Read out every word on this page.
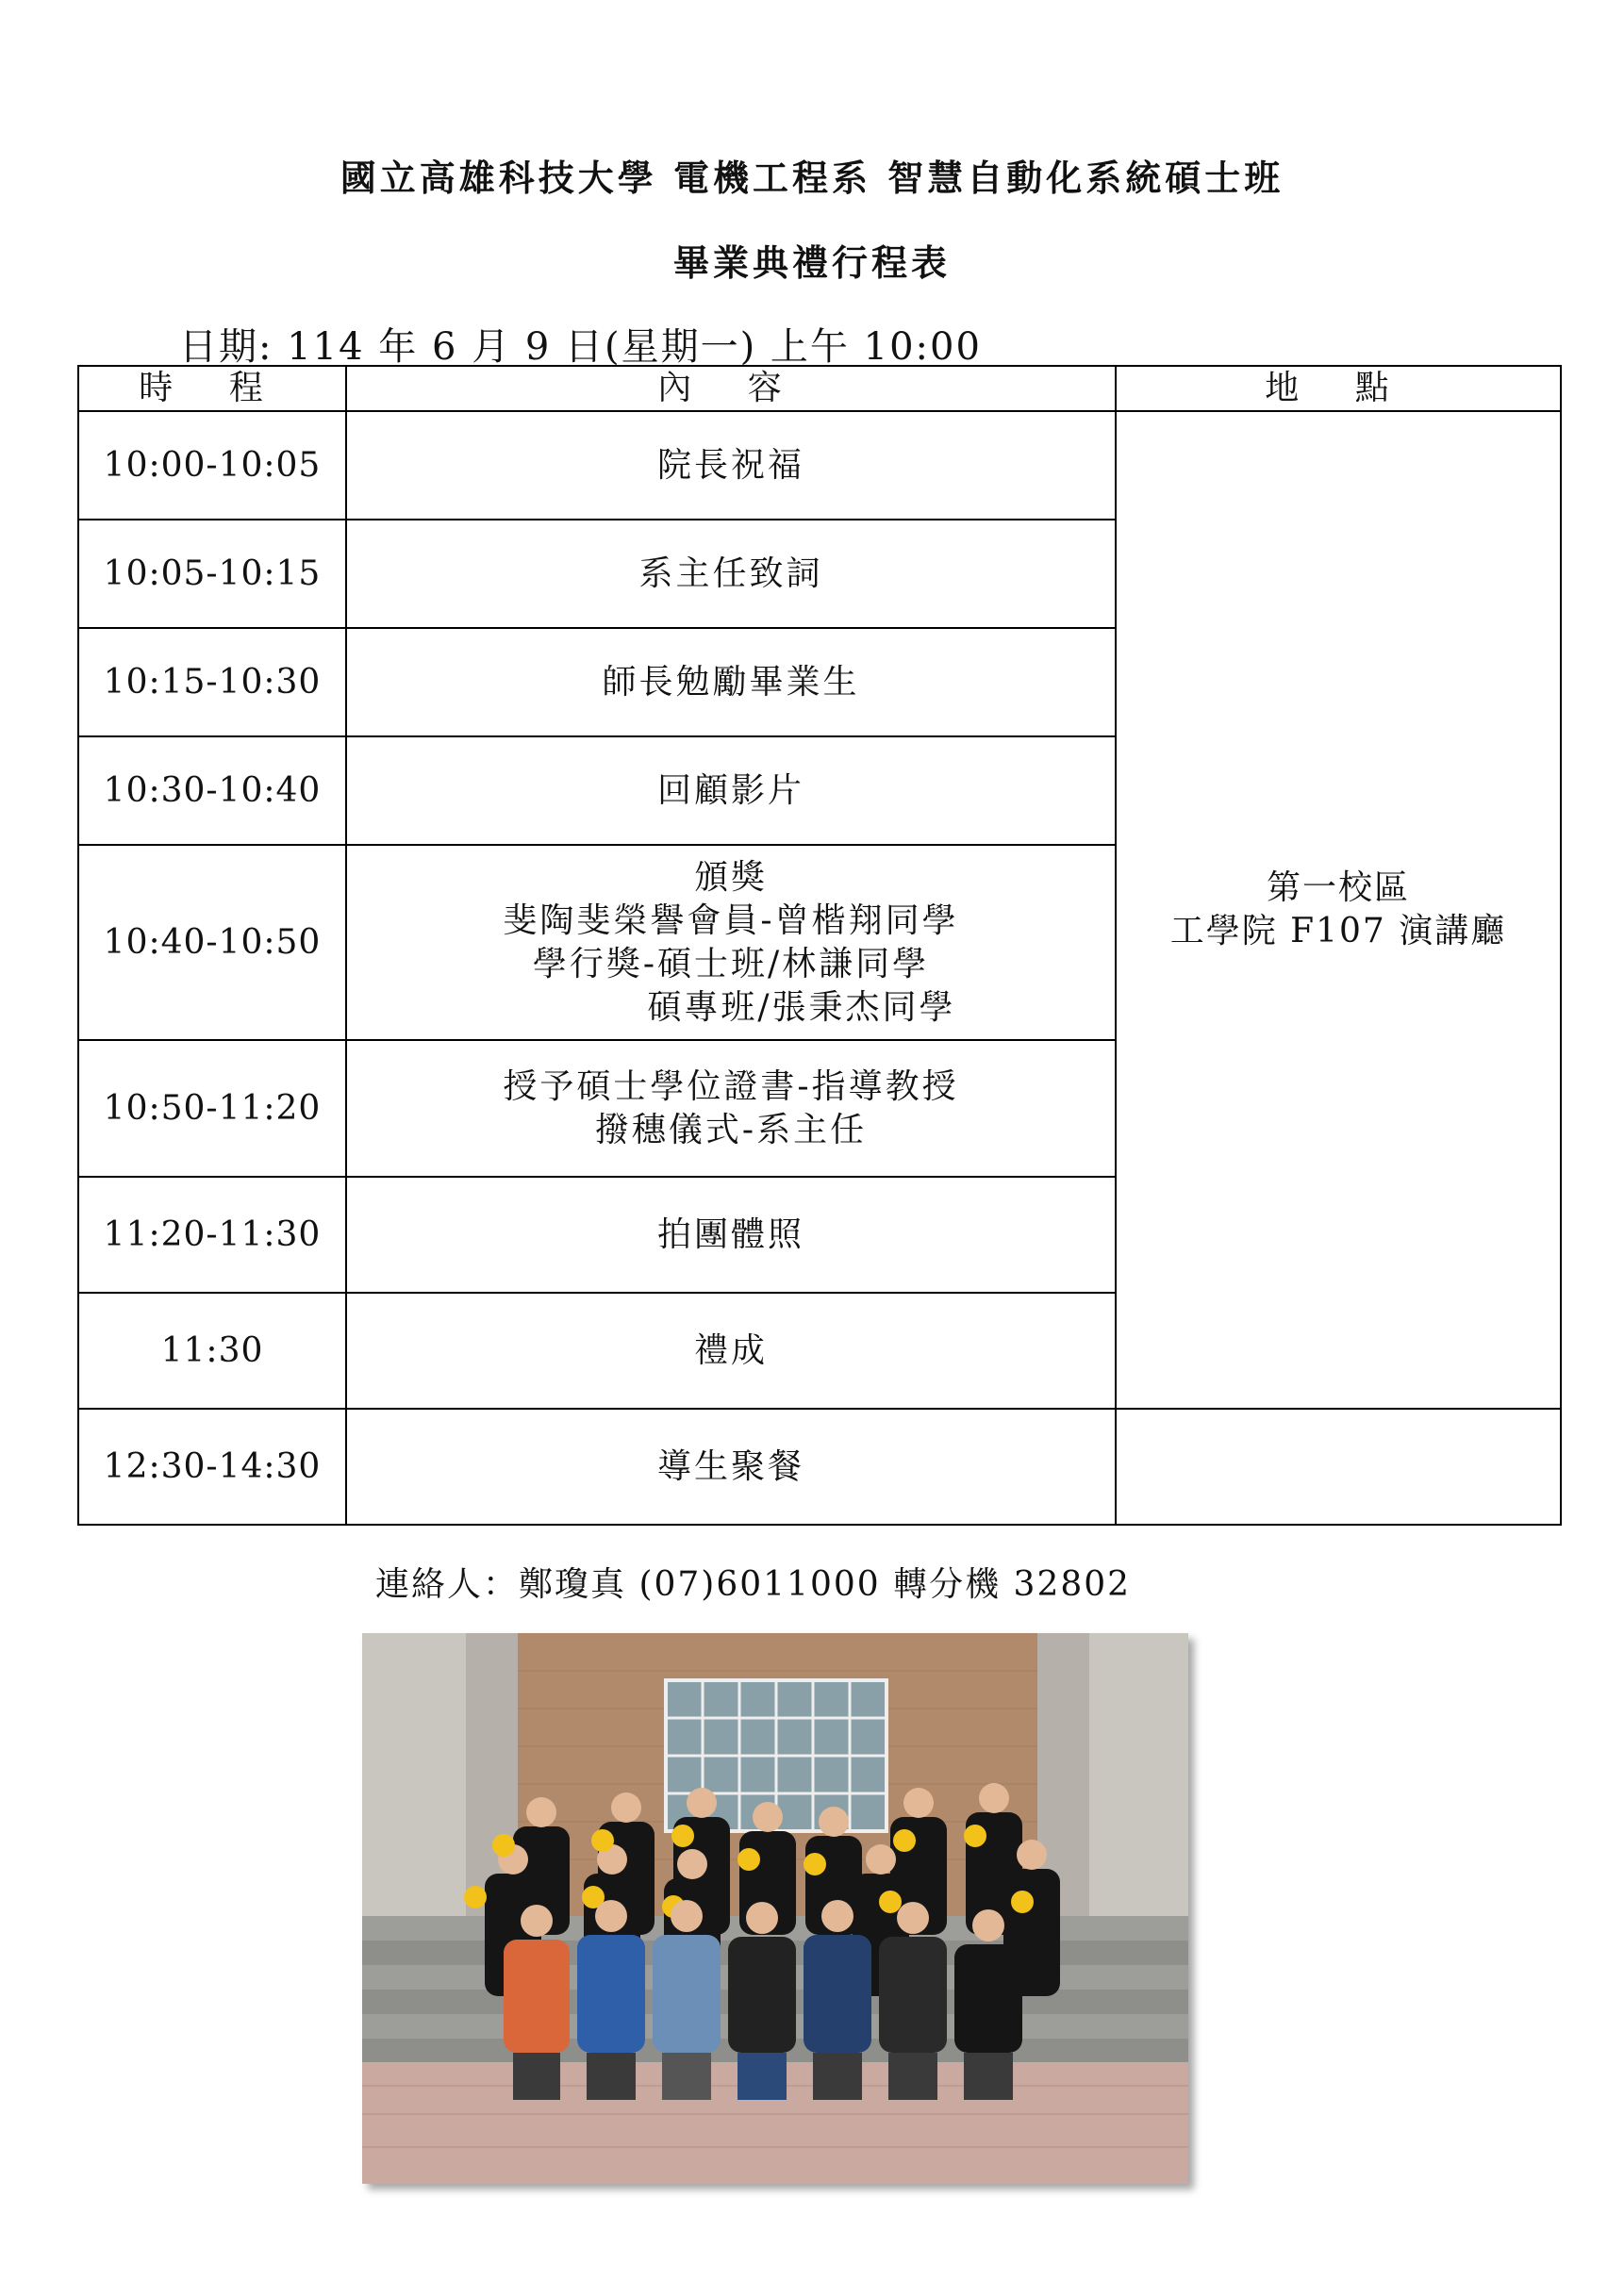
國立高雄科技大學 電機工程系 智慧自動化系統碩士班
畢業典禮行程表
日期: 114 年 6 月 9 日(星期一) 上午 10:00
時 程	內 容	地 點
10:00-10:05	院長祝福	第一校區
工學院 F107 演講廳

10:05-10:15	系主任致詞	
10:15-10:30	師長勉勵畢業生	
10:30-10:40	回顧影片	
10:40-10:50	頒獎
斐陶斐榮譽會員-曾楷翔同學
學行獎-碩士班/林謙同學
碩專班/張秉杰同學	

10:50-11:20	授予碩士學位證書-指導教授
撥穗儀式-系主任	

11:20-11:30	拍團體照	
11:30	禮成	
12:30-14:30	導生聚餐	
連絡人：鄭瓊真 (07)6011000 轉分機 32802
